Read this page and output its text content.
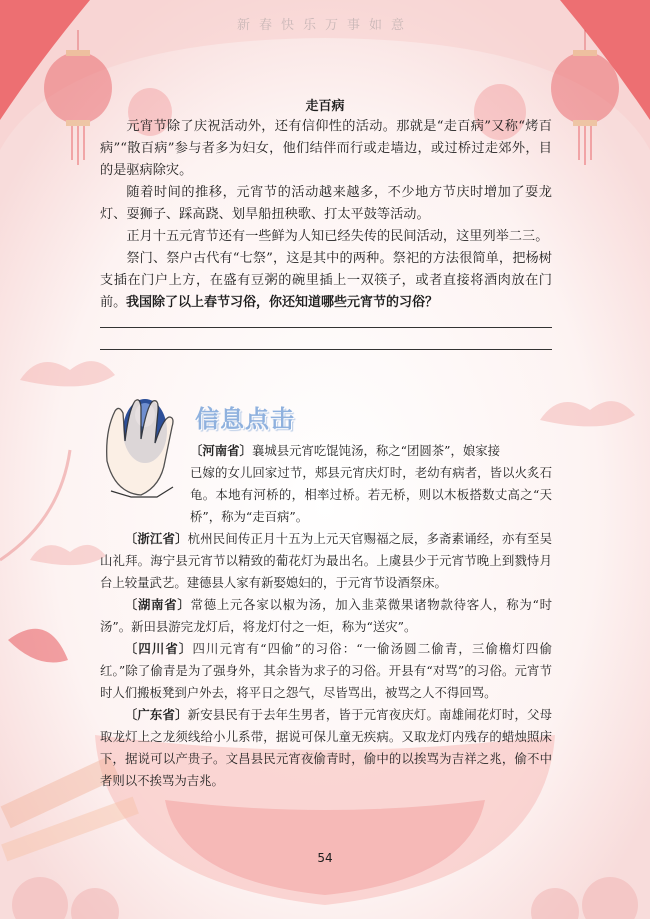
新春快乐万事如意
走百病

元宵节除了庆祝活动外，还有信仰性的活动。那就是“走百病”又称“烤百病”“散百病”参与者多为妇女，他们结伴而行或走墙边，或过桥过走郊外，目的是驱病除灾。

随着时间的推移，元宵节的活动越来越多，不少地方节庆时增加了耍龙灯、耍狮子、踩高跷、划旱船扭秧歌、打太平鼓等活动。

正月十五元宵节还有一些鲜为人知已经失传的民间活动，这里列举二三。

祭门、祭户古代有“七祭”，这是其中的两种。祭祀的方法很简单，把杨树支插在门户上方，在盛有豆粥的碗里插上一双筷子，或者直接将酒肉放在门前。 我国除了以上春节习俗，你还知道哪些元宵节的习俗？

信息点击

〔河南省〕襄城县元宵吃馄饨汤，称之“团圆茶”，娘家接

已嫁的女儿回家过节，郏县元宵庆灯时，老幼有病者，皆以火炙石龟。本地有河桥的，相率过桥。若无桥，则以木板搭数丈高之“天桥”，称为“走百病”。

〔浙江省〕杭州民间传正月十五为上元天官赐福之辰，多斋素诵经，亦有至吴山礼拜。海宁县元宵节以精致的葡花灯为最出名。上虞县少于元宵节晚上到戮恃月台上较量武艺。建德县人家有新娶媳妇的，于元宵节设酒祭床。

〔湖南省〕常德上元各家以椒为汤，加入韭菜微果诸物款待客人，称为“时汤”。新田县游完龙灯后，将龙灯付之一炬，称为“送灾”。

〔四川省〕四川元宵有“四偷”的习俗：“一偷汤圆二偷青，三偷檐灯四偷红。”除了偷青是为了强身外，其余皆为求子的习俗。开县有“对骂”的习俗。元宵节时人们搬板凳到户外去，将平日之怨气，尽皆骂出，被骂之人不得回骂。

〔广东省〕新安县民有于去年生男者，皆于元宵夜庆灯。南雄闹花灯时，父母取龙灯上之龙须线给小儿系带，据说可保儿童无疾病。又取龙灯内残存的蜡烛照床下，据说可以产贵子。文昌县民元宵夜偷青时，偷中的以挨骂为吉祥之兆，偷不中者则以不挨骂为吉兆。

54
